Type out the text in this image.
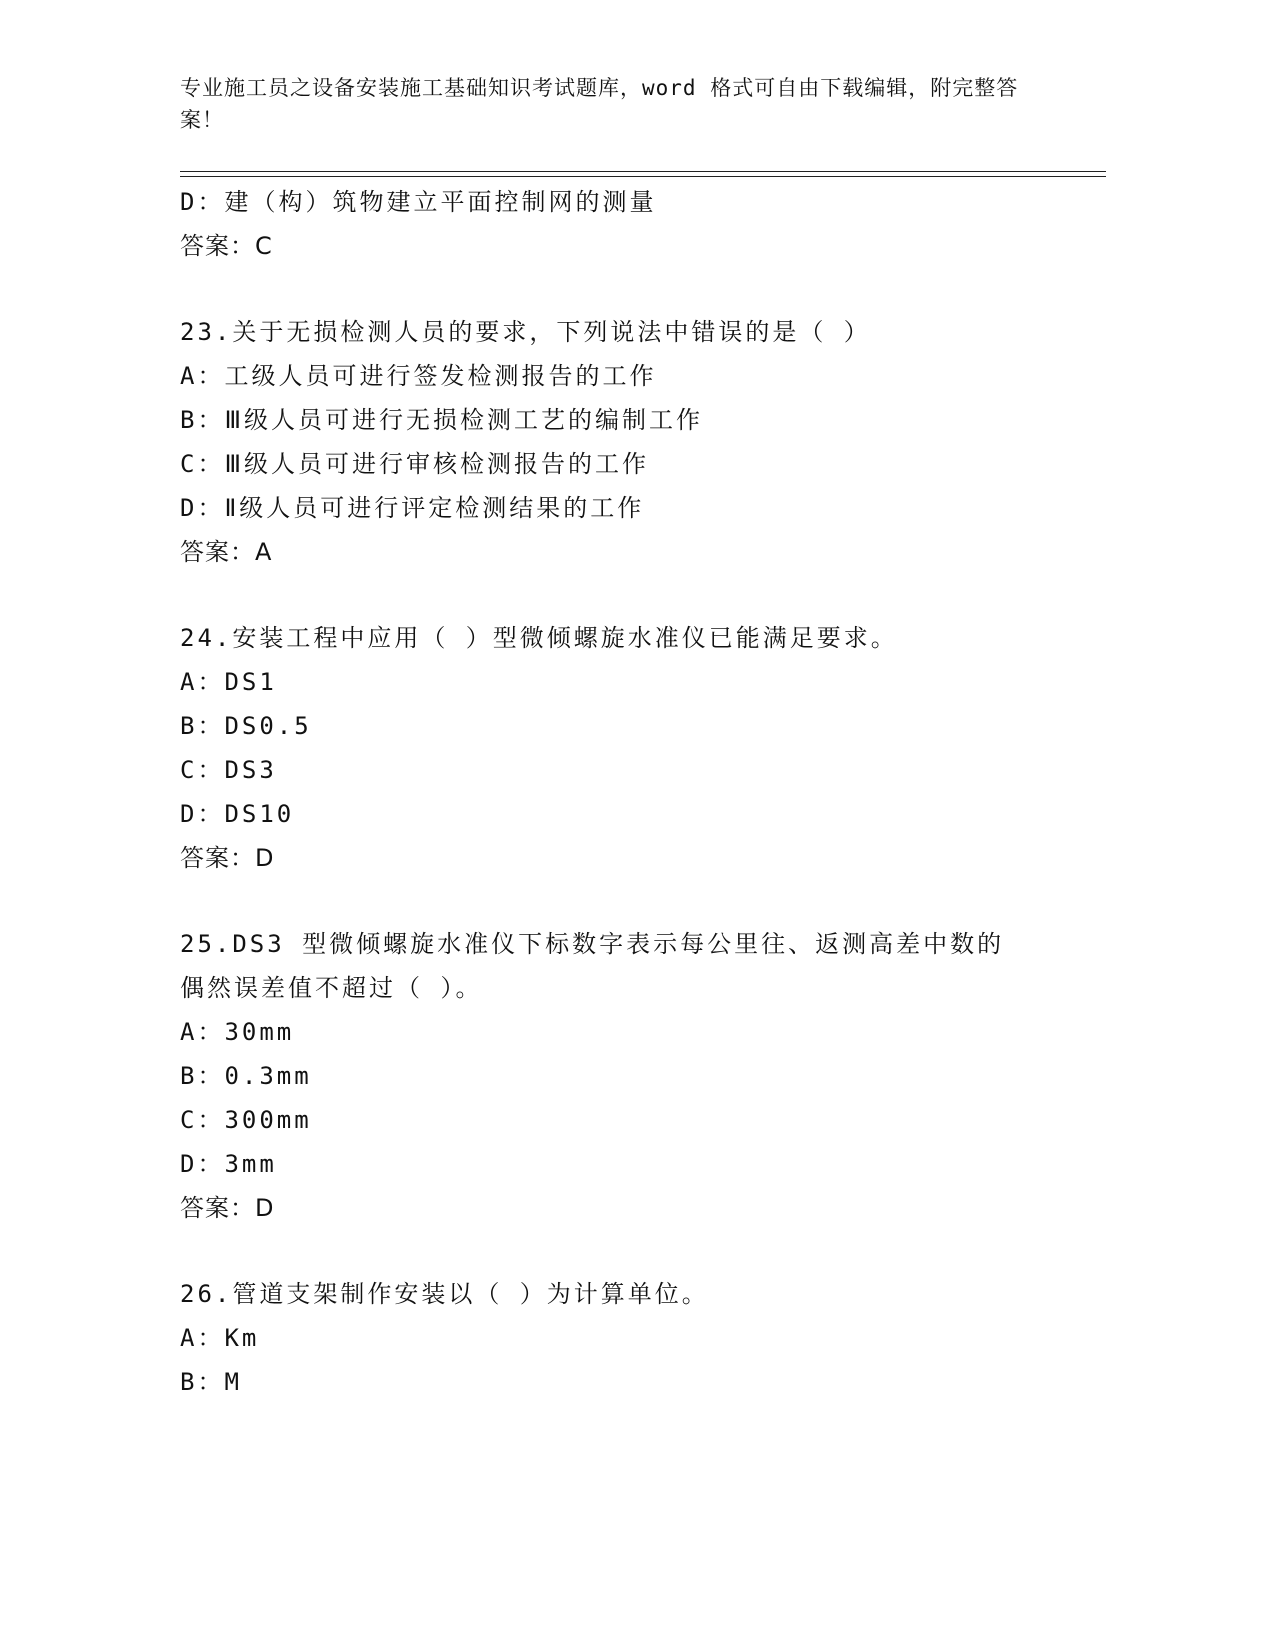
专业施工员之设备安装施工基础知识考试题库，word 格式可自由下载编辑，附完整答案！
D：建（构）筑物建立平面控制网的测量
答案：C
23.关于无损检测人员的要求，下列说法中错误的是（ ）
A：工级人员可进行签发检测报告的工作
B：Ⅲ级人员可进行无损检测工艺的编制工作
C：Ⅲ级人员可进行审核检测报告的工作
D：Ⅱ级人员可进行评定检测结果的工作
答案：A
24.安装工程中应用（ ）型微倾螺旋水准仪已能满足要求。
A：DS1
B：DS0.5
C：DS3
D：DS10
答案：D
25.DS3 型微倾螺旋水准仪下标数字表示每公里往、返测高差中数的偶然误差值不超过（ ）。
A：30mm
B：0.3mm
C：300mm
D：3mm
答案：D
26.管道支架制作安装以（ ）为计算单位。
A：Km
B：M
